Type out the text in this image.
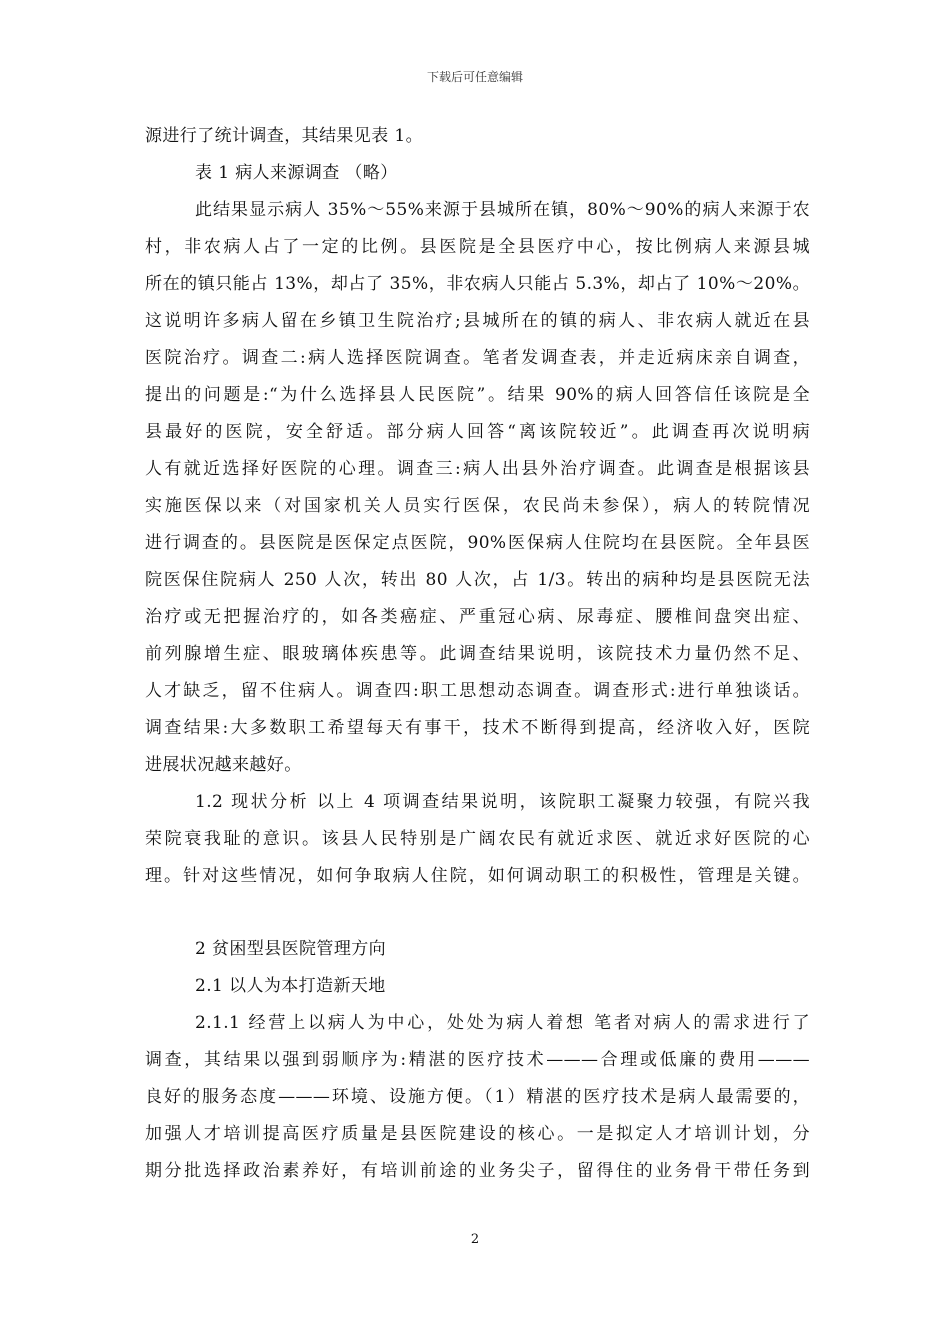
下载后可任意编辑
源进行了统计调查，其结果见表 1。
表 1 病人来源调查 （略）
此结果显示病人 35%～55%来源于县城所在镇，80%～90%的病人来源于农
村，非农病人占了一定的比例。县医院是全县医疗中心，按比例病人来源县城
所在的镇只能占 13%，却占了 35%，非农病人只能占 5.3%，却占了 10%～20%。
这说明许多病人留在乡镇卫生院治疗;县城所在的镇的病人、非农病人就近在县
医院治疗。调查二:病人选择医院调查。笔者发调查表，并走近病床亲自调查，
提出的问题是:“为什么选择县人民医院”。结果 90%的病人回答信任该院是全
县最好的医院，安全舒适。部分病人回答“离该院较近”。此调查再次说明病
人有就近选择好医院的心理。调查三:病人出县外治疗调查。此调查是根据该县
实施医保以来（对国家机关人员实行医保，农民尚未参保），病人的转院情况
进行调查的。县医院是医保定点医院，90%医保病人住院均在县医院。全年县医
院医保住院病人 250 人次，转出 80 人次，占 1/3。转出的病种均是县医院无法
治疗或无把握治疗的，如各类癌症、严重冠心病、尿毒症、腰椎间盘突出症、
前列腺增生症、眼玻璃体疾患等。此调查结果说明，该院技术力量仍然不足、
人才缺乏，留不住病人。调查四:职工思想动态调查。调查形式:进行单独谈话。
调查结果:大多数职工希望每天有事干，技术不断得到提高，经济收入好，医院
进展状况越来越好。
1.2 现状分析 以上 4 项调查结果说明，该院职工凝聚力较强，有院兴我
荣院衰我耻的意识。该县人民特别是广阔农民有就近求医、就近求好医院的心
理。针对这些情况，如何争取病人住院，如何调动职工的积极性，管理是关键。
2 贫困型县医院管理方向
2.1 以人为本打造新天地
2.1.1 经营上以病人为中心，处处为病人着想 笔者对病人的需求进行了
调查，其结果以强到弱顺序为:精湛的医疗技术———合理或低廉的费用———
良好的服务态度———环境、设施方便。（1）精湛的医疗技术是病人最需要的，
加强人才培训提高医疗质量是县医院建设的核心。一是拟定人才培训计划，分
期分批选择政治素养好，有培训前途的业务尖子，留得住的业务骨干带任务到
2
